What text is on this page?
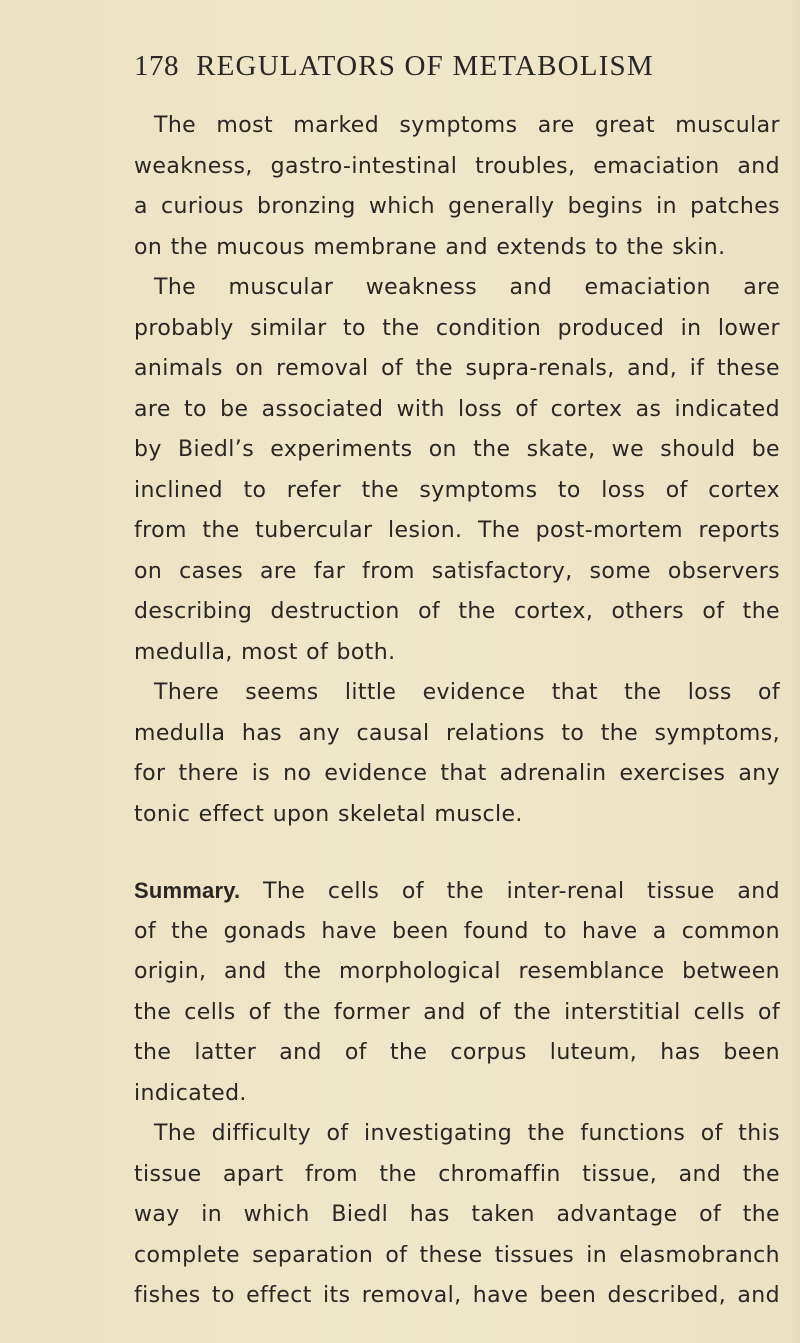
178 REGULATORS OF METABOLISM
The most marked symptoms are great muscular
weakness, gastro-intestinal troubles, emaciation and
a curious bronzing which generally begins in patches
on the mucous membrane and extends to the skin.
The muscular weakness and emaciation are
probably similar to the condition produced in lower
animals on removal of the supra-renals, and, if these
are to be associated with loss of cortex as indicated
by Biedl’s experiments on the skate, we should be
inclined to refer the symptoms to loss of cortex
from the tubercular lesion. The post-mortem reports
on cases are far from satisfactory, some observers
describing destruction of the cortex, others of the
medulla, most of both.
There seems little evidence that the loss of
medulla has any causal relations to the symptoms,
for there is no evidence that adrenalin exercises any
tonic effect upon skeletal muscle.
Summary. The cells of the inter-renal tissue and
of the gonads have been found to have a common
origin, and the morphological resemblance between
the cells of the former and of the interstitial cells of
the latter and of the corpus luteum, has been
indicated.
The difficulty of investigating the functions of this
tissue apart from the chromaffin tissue, and the
way in which Biedl has taken advantage of the
complete separation of these tissues in elasmobranch
fishes to effect its removal, have been described, and
